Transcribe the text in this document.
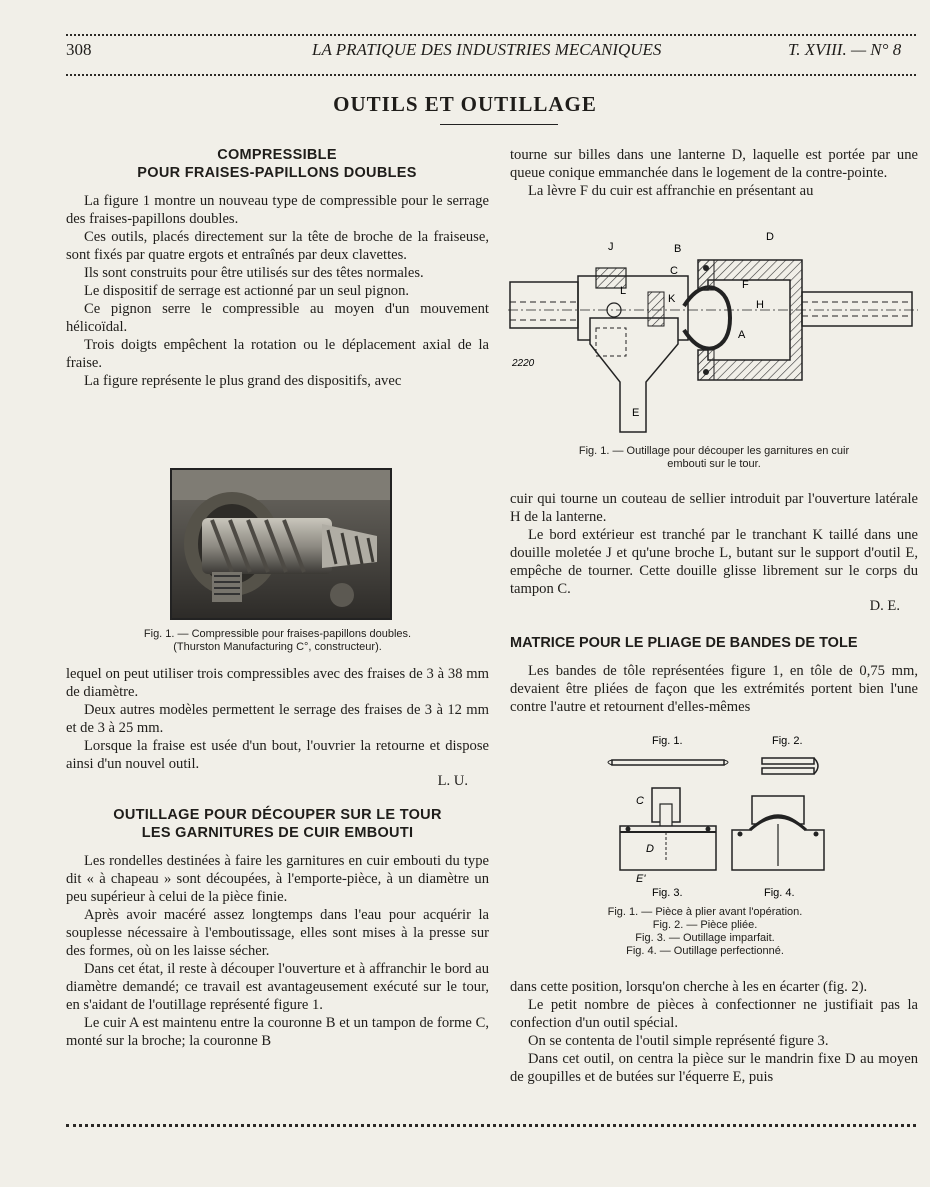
308	LA PRATIQUE DES INDUSTRIES MECANIQUES	T. XVIII. — N° 8
OUTILS ET OUTILLAGE
COMPRESSIBLE
POUR FRAISES-PAPILLONS DOUBLES

La figure 1 montre un nouveau type de compressible pour le serrage des fraises-papillons doubles.

Ces outils, placés directement sur la tête de broche de la fraiseuse, sont fixés par quatre ergots et entraînés par deux clavettes.

Ils sont construits pour être utilisés sur des têtes normales.

Le dispositif de serrage est actionné par un seul pignon.

Ce pignon serre le compressible au moyen d'un mouvement hélicoïdal.

Trois doigts empêchent la rotation ou le déplacement axial de la fraise.

La figure représente le plus grand des dispositifs, avec

Fig. 1. — Compressible pour fraises-papillons doubles.
(Thurston Manufacturing C°, constructeur).

lequel on peut utiliser trois compressibles avec des fraises de 3 à 38 mm de diamètre.

Deux autres modèles permettent le serrage des fraises de 3 à 12 mm et de 3 à 25 mm.

Lorsque la fraise est usée d'un bout, l'ouvrier la retourne et dispose ainsi d'un nouvel outil.

L. U.
OUTILLAGE POUR DÉCOUPER SUR LE TOUR
LES GARNITURES DE CUIR EMBOUTI

Les rondelles destinées à faire les garnitures en cuir embouti du type dit « à chapeau » sont découpées, à l'emporte-pièce, à un diamètre un peu supérieur à celui de la pièce finie.

Après avoir macéré assez longtemps dans l'eau pour acquérir la souplesse nécessaire à l'emboutissage, elles sont mises à la presse sur des formes, où on les laisse sécher.

Dans cet état, il reste à découper l'ouverture et à affranchir le bord au diamètre demandé; ce travail est avantageusement exécuté sur le tour, en s'aidant de l'outillage représenté figure 1.

Le cuir A est maintenu entre la couronne B et un tampon de forme C, monté sur la broche; la couronne B

tourne sur billes dans une lanterne D, laquelle est portée par une queue conique emmanchée dans le logement de la contre-pointe.

La lèvre F du cuir est affranchie en présentant au

J	B
C
D
L
K
F
H
A
E
2220
Fig. 1. — Outillage pour découper les garnitures en cuir
embouti sur le tour.

cuir qui tourne un couteau de sellier introduit par l'ouverture latérale H de la lanterne.

Le bord extérieur est tranché par le tranchant K taillé dans une douille moletée J et qu'une broche L, butant sur le support d'outil E, empêche de tourner. Cette douille glisse librement sur le corps du tampon C.

D. E.
MATRICE POUR LE PLIAGE DE BANDES DE TOLE

Les bandes de tôle représentées figure 1, en tôle de 0,75 mm, devaient être pliées de façon que les extrémités portent bien l'une contre l'autre et retournent d'elles-mêmes

Fig. 1.	Fig. 2.
C
D
E'
Fig. 3.	Fig. 4.
Fig. 1. — Pièce à plier avant l'opération.
Fig. 2. — Pièce pliée.
Fig. 3. — Outillage imparfait.
Fig. 4. — Outillage perfectionné.

dans cette position, lorsqu'on cherche à les en écarter (fig. 2).

Le petit nombre de pièces à confectionner ne justifiait pas la confection d'un outil spécial.

On se contenta de l'outil simple représenté figure 3.

Dans cet outil, on centra la pièce sur le mandrin fixe D au moyen de goupilles et de butées sur l'équerre E, puis
